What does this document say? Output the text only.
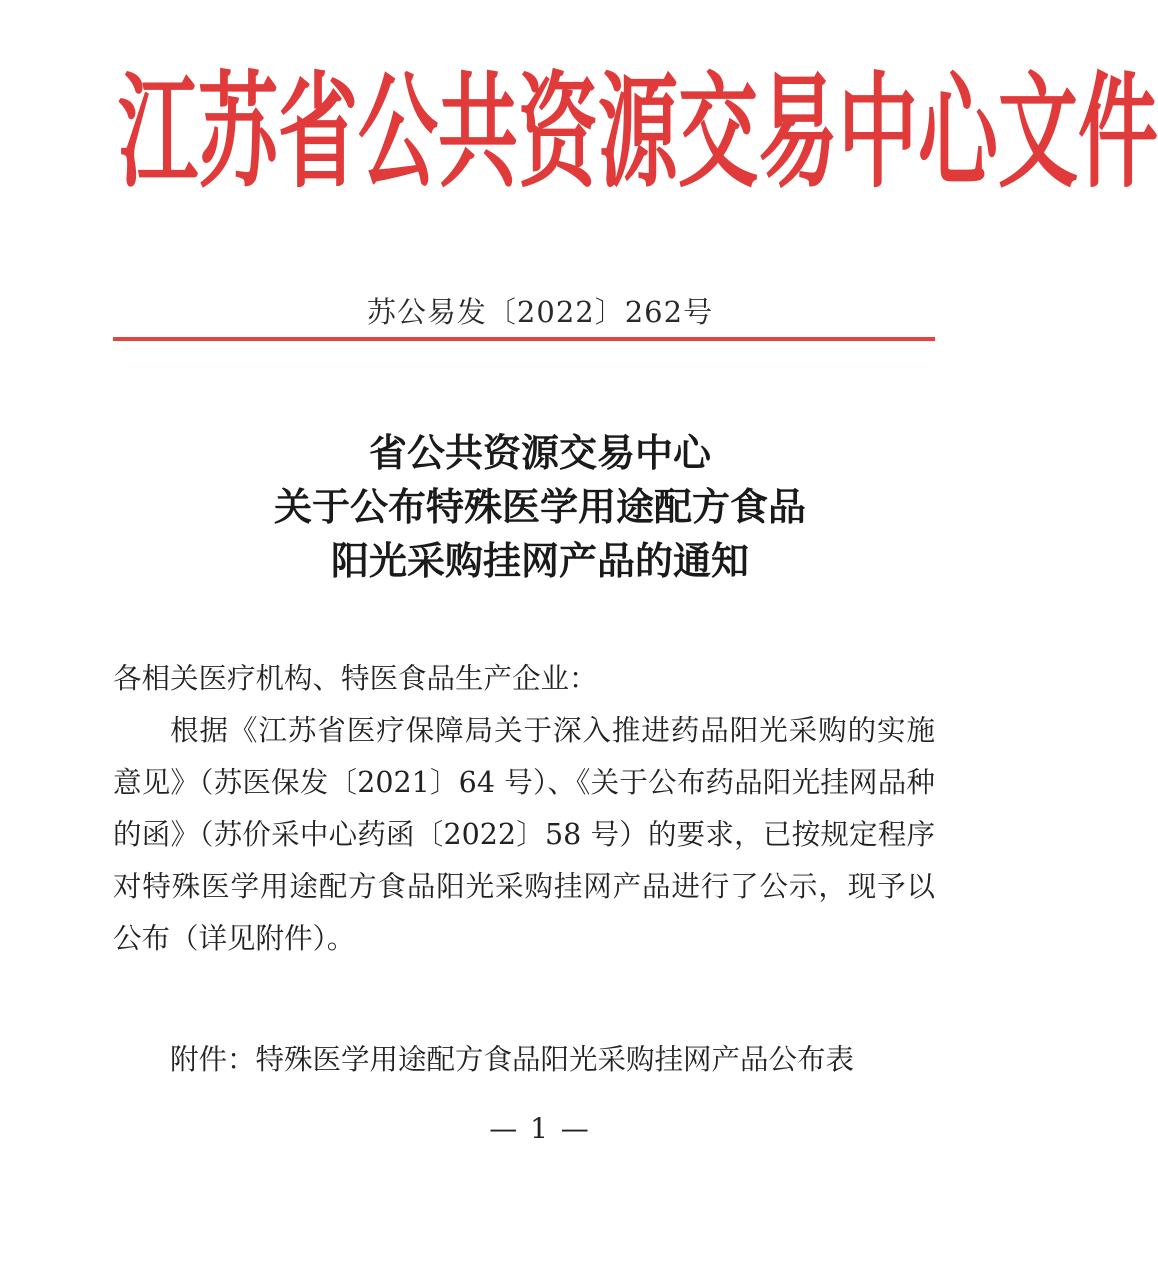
江 苏 省 公 共 资 源 交 易 中 心 文 件
苏公易发〔2022〕262号
省公共资源交易中心
关于公布特殊医学用途配方食品
阳光采购挂网产品的通知

各相关医疗机构、特医食品生产企业：

根据《江苏省医疗保障局关于深入推进药品阳光采购的实施意见》（苏医保发〔2021〕64 号）、《关于公布药品阳光挂网品种的函》（苏价采中心药函〔2022〕58 号）的要求，已按规定程序对特殊医学用途配方食品阳光采购挂网产品进行了公示，现予以公布（详见附件）。

附件：特殊医学用途配方食品阳光采购挂网产品公布表
— 1 —
